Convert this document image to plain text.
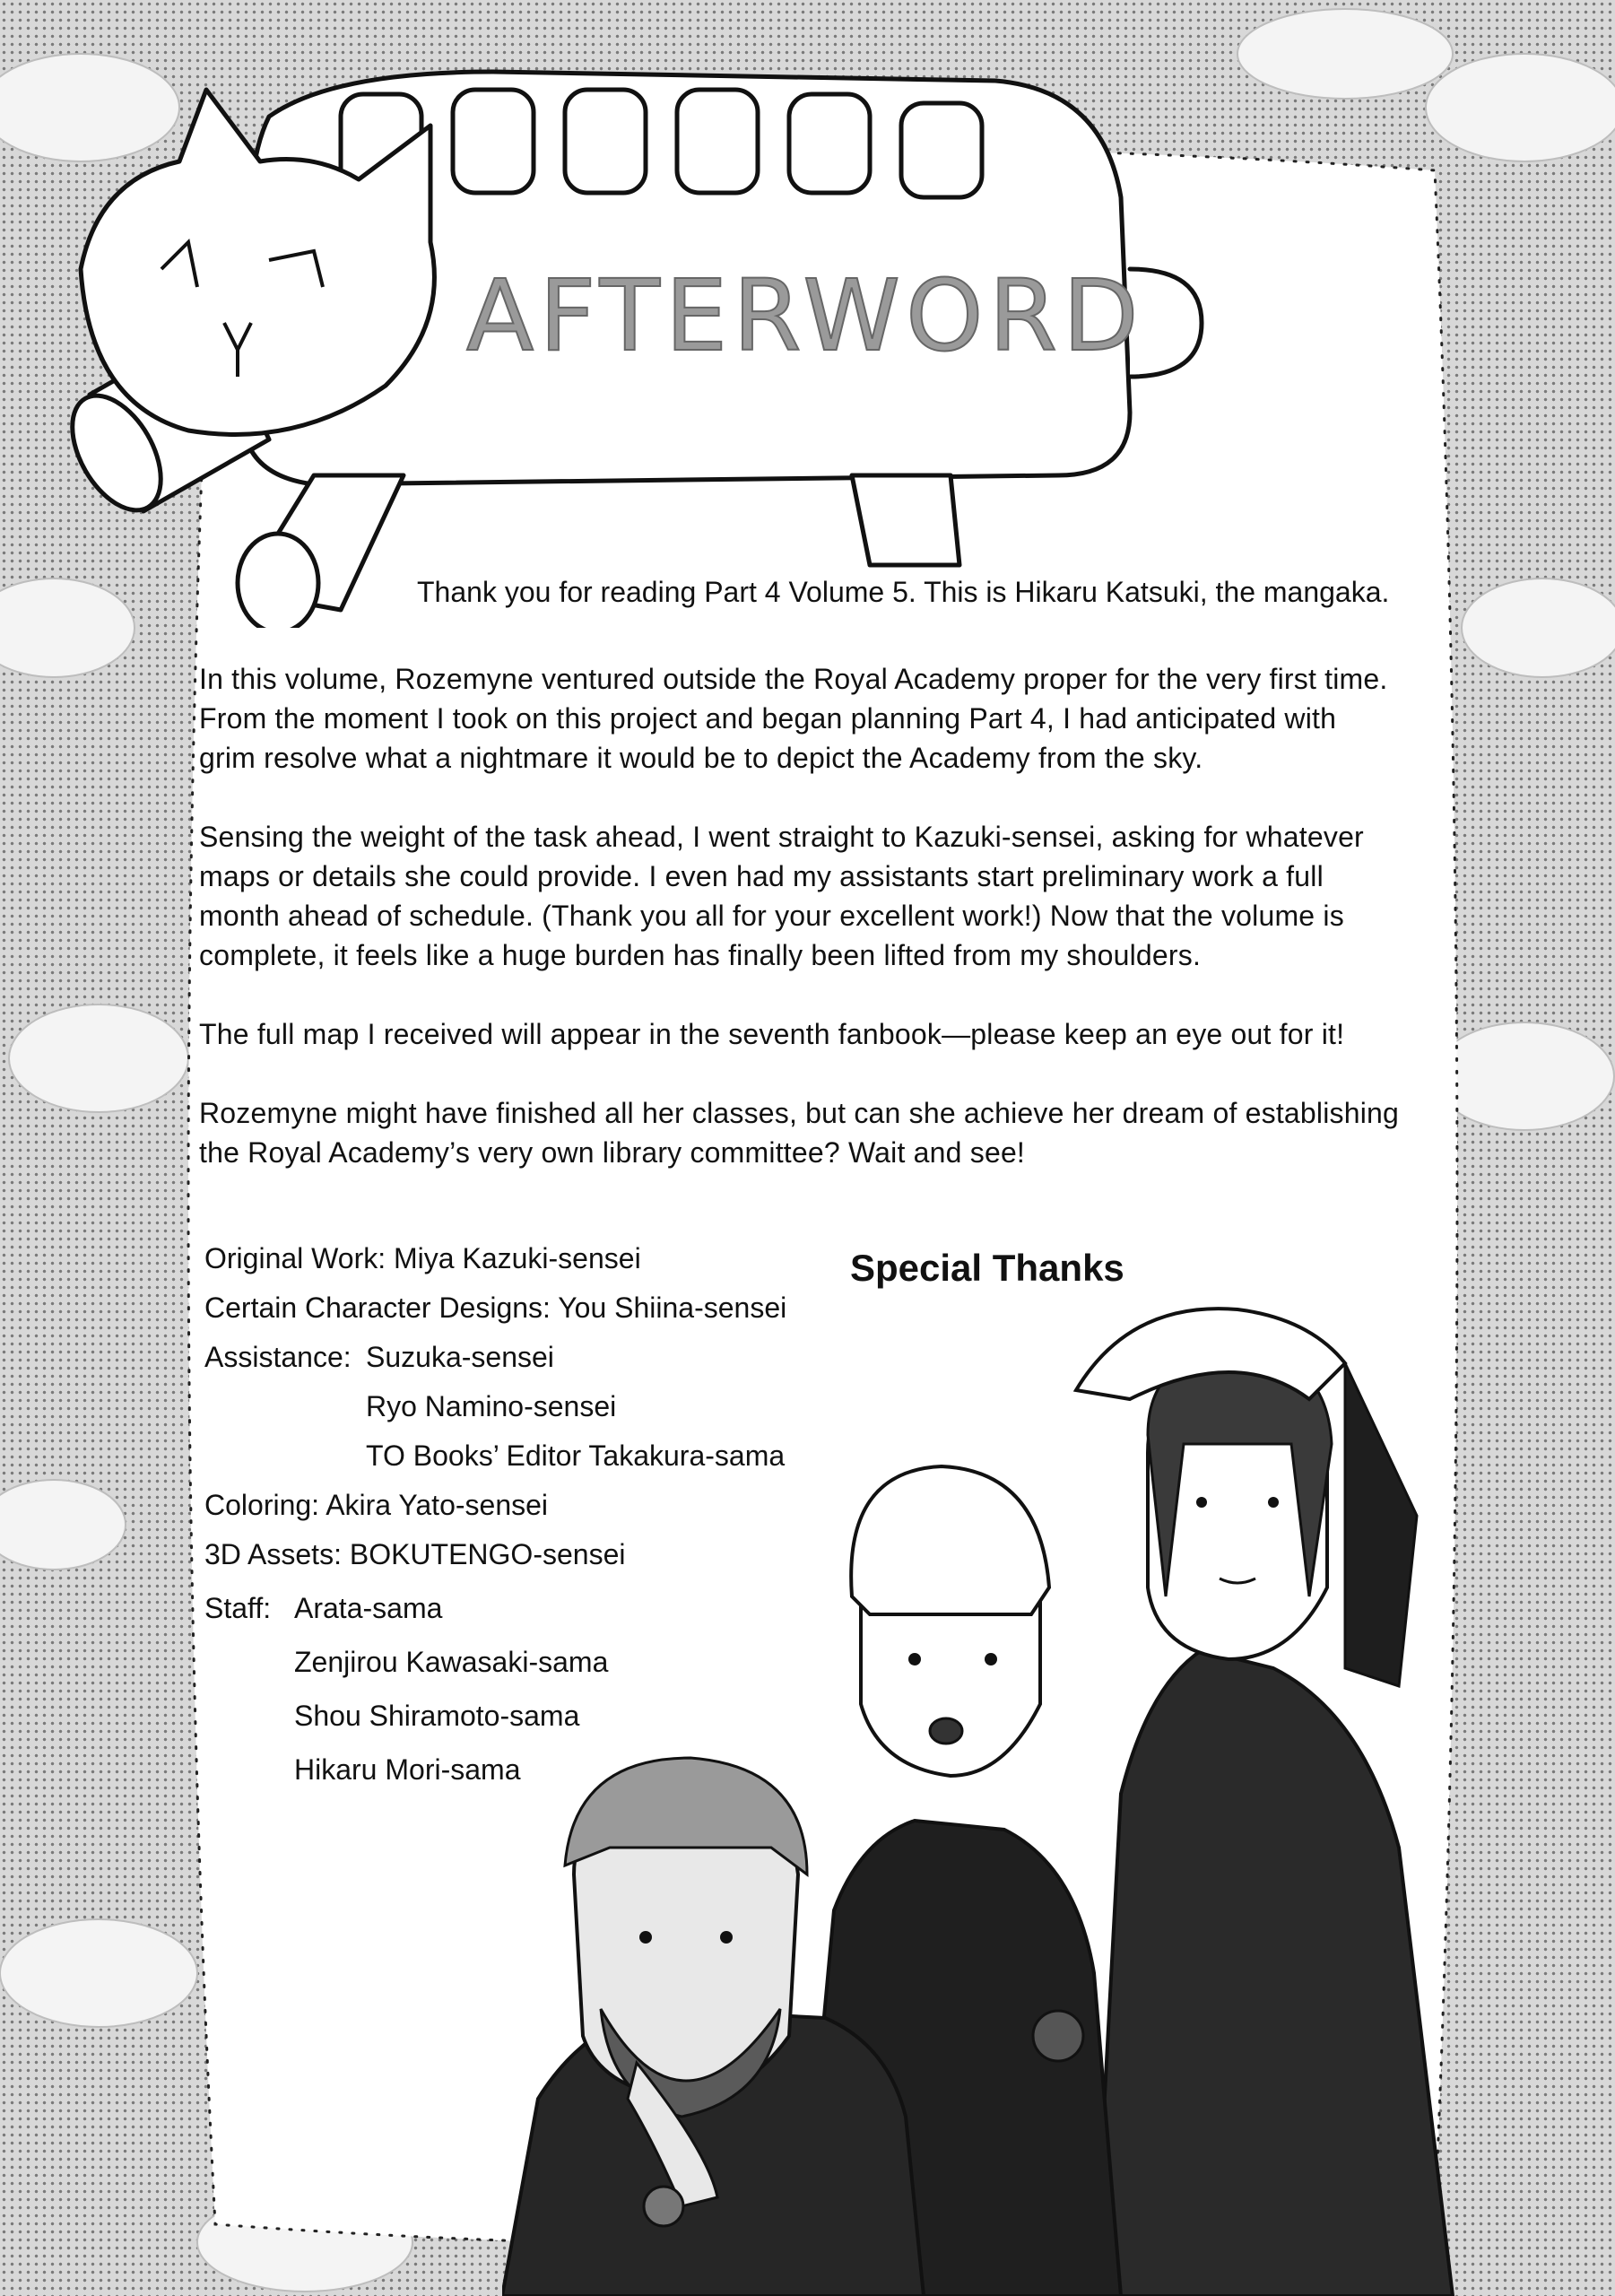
AFTERWORD
Thank you for reading Part 4 Volume 5. This is Hikaru Katsuki, the mangaka.

In this volume, Rozemyne ventured outside the Royal Academy proper for the very first time.
From the moment I took on this project and began planning Part 4, I had anticipated with
grim resolve what a nightmare it would be to depict the Academy from the sky.

Sensing the weight of the task ahead, I went straight to Kazuki-sensei, asking for whatever
maps or details she could provide. I even had my assistants start preliminary work a full
month ahead of schedule. (Thank you all for your excellent work!) Now that the volume is
complete, it feels like a huge burden has finally been lifted from my shoulders.

The full map I received will appear in the seventh fanbook—please keep an eye out for it!

Rozemyne might have finished all her classes, but can she achieve her dream of establishing
the Royal Academy’s very own library committee? Wait and see!

Special Thanks
Original Work: Miya Kazuki-sensei
Certain Character Designs: You Shiina-sensei
Assistance: Suzuka-sensei
Ryo Namino-sensei
TO Books’ Editor Takakura-sama
Coloring: Akira Yato-sensei
3D Assets: BOKUTENGO-sensei
Staff: Arata-sama
Zenjirou Kawasaki-sama
Shou Shiramoto-sama
Hikaru Mori-sama
